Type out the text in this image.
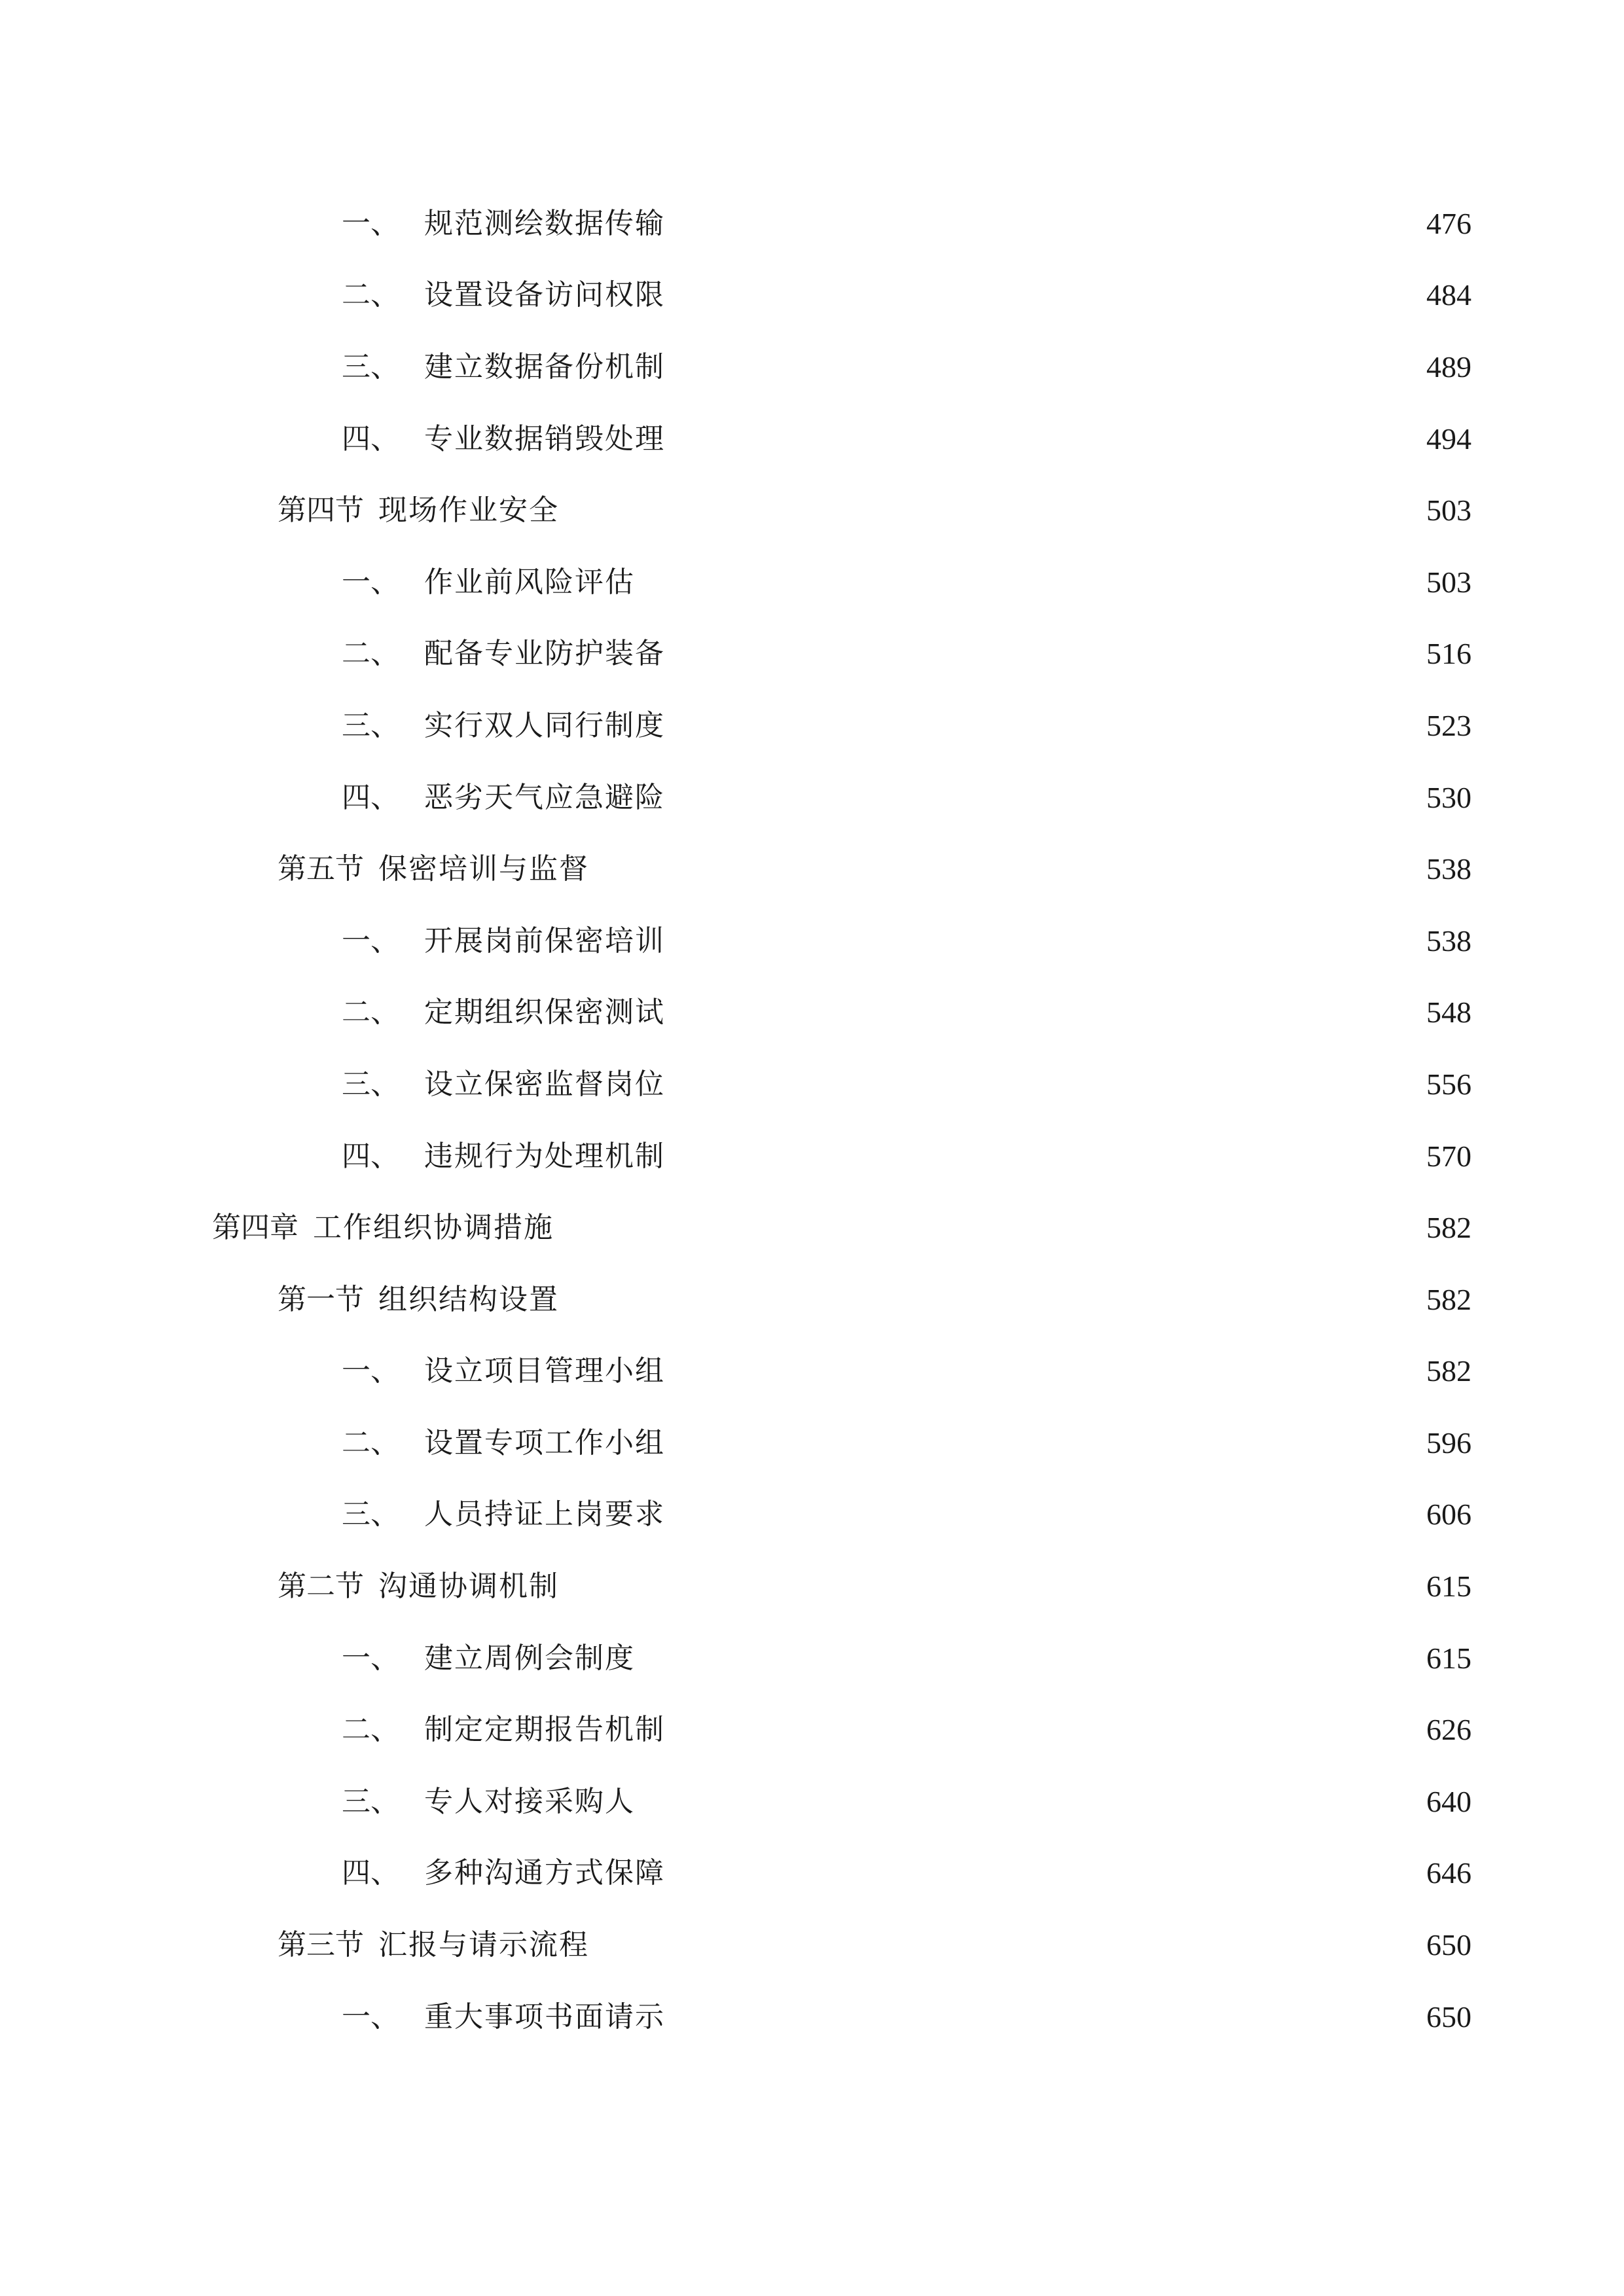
一、 规范测绘数据传输	476
二、 设置设备访问权限	484
三、 建立数据备份机制	489
四、 专业数据销毁处理	494
第四节 现场作业安全	503
一、 作业前风险评估	503
二、 配备专业防护装备	516
三、 实行双人同行制度	523
四、 恶劣天气应急避险	530
第五节 保密培训与监督	538
一、 开展岗前保密培训	538
二、 定期组织保密测试	548
三、 设立保密监督岗位	556
四、 违规行为处理机制	570
第四章 工作组织协调措施	582
第一节 组织结构设置	582
一、 设立项目管理小组	582
二、 设置专项工作小组	596
三、 人员持证上岗要求	606
第二节 沟通协调机制	615
一、 建立周例会制度	615
二、 制定定期报告机制	626
三、 专人对接采购人	640
四、 多种沟通方式保障	646
第三节 汇报与请示流程	650
一、 重大事项书面请示	650
